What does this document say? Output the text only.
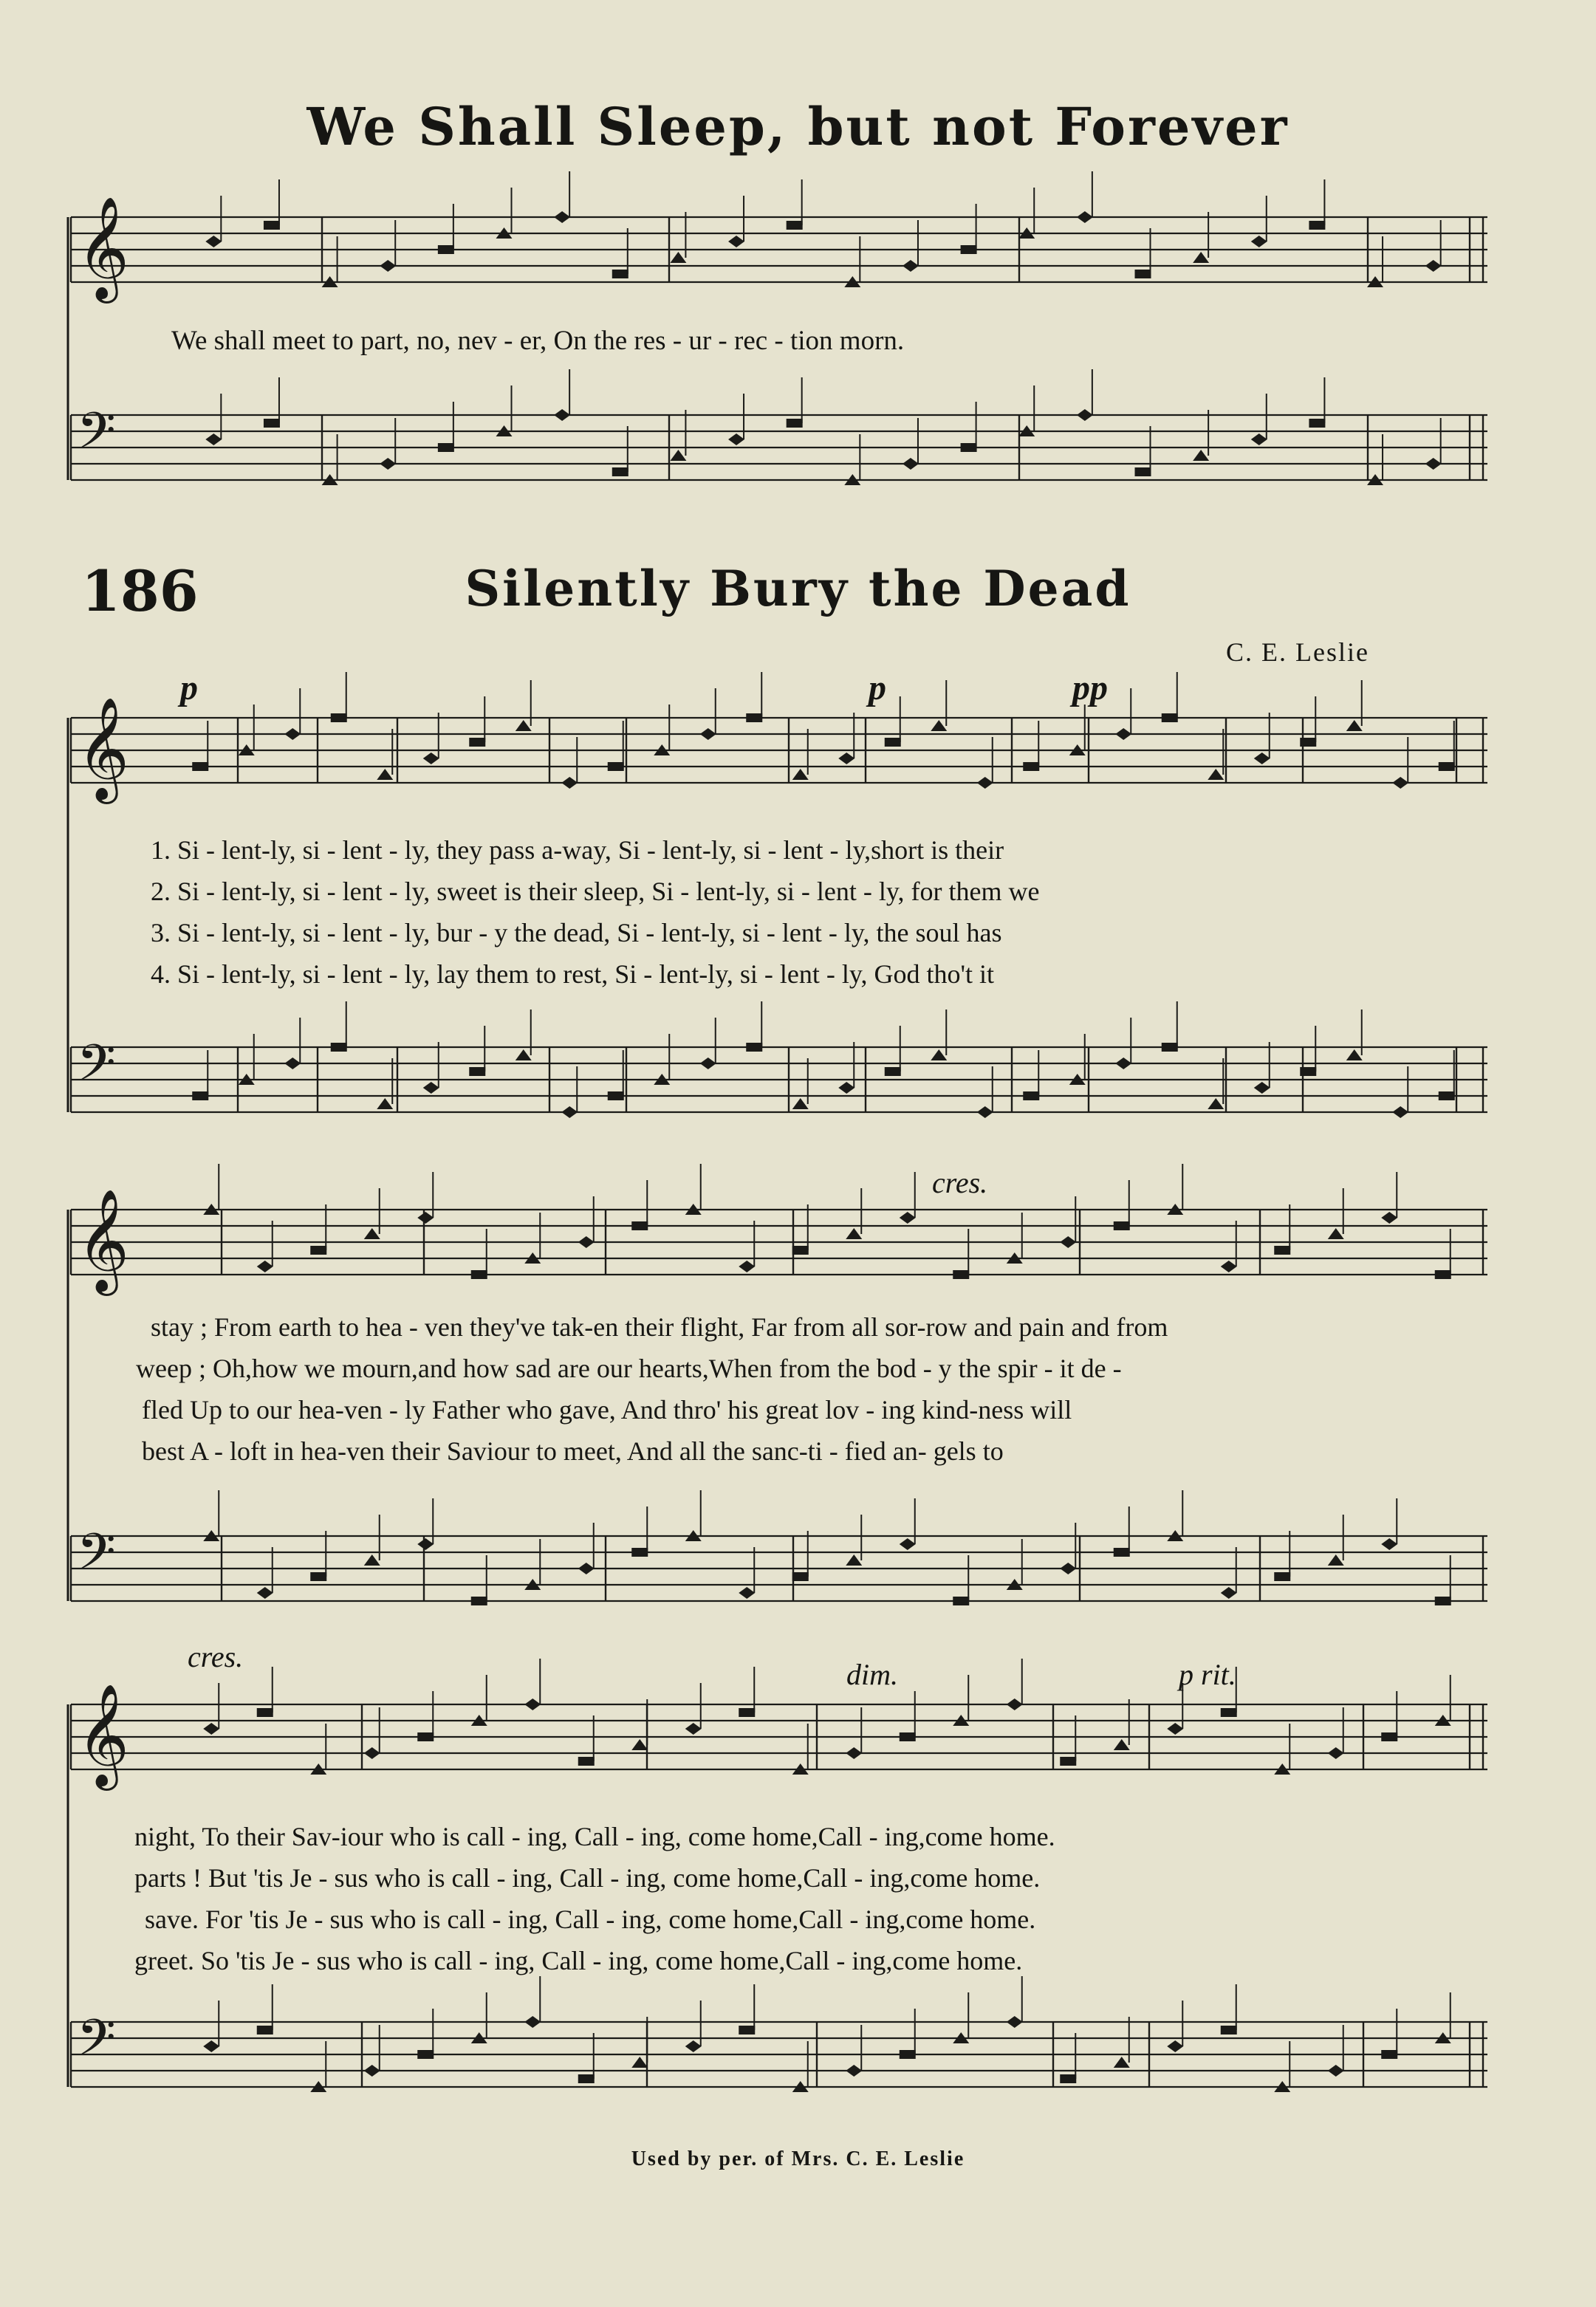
𝄞
𝄢
𝄞
𝄢
𝄞
𝄢
𝄞
𝄢
We Shall Sleep, but not Forever
We shall meet to part, no, nev - er, On the res - ur - rec - tion morn.
186	Silently Bury the Dead
C. E. Leslie
p	p	pp
1. Si - lent-ly, si - lent - ly, they pass a-way, Si - lent-ly, si - lent - ly,short is their
2. Si - lent-ly, si - lent - ly, sweet is their sleep, Si - lent-ly, si - lent - ly, for them we
3. Si - lent-ly, si - lent - ly, bur - y the dead, Si - lent-ly, si - lent - ly, the soul has
4. Si - lent-ly, si - lent - ly, lay them to rest, Si - lent-ly, si - lent - ly, God tho't it
cres.
stay ; From earth to hea - ven they've tak-en their flight, Far from all sor-row and pain and from
weep ; Oh,how we mourn,and how sad are our hearts,When from the bod - y the spir - it de -
fled Up to our hea-ven - ly Father who gave, And thro' his great lov - ing kind-ness will
best A - loft in hea-ven their Saviour to meet, And all the sanc-ti - fied an- gels to
cres.
dim.	p rit.
night, To their Sav-iour who is call - ing, Call - ing, come home,Call - ing,come home.
parts ! But 'tis Je - sus who is call - ing, Call - ing, come home,Call - ing,come home.
save. For 'tis Je - sus who is call - ing, Call - ing, come home,Call - ing,come home.
greet. So 'tis Je - sus who is call - ing, Call - ing, come home,Call - ing,come home.
Used by per. of Mrs. C. E. Leslie
